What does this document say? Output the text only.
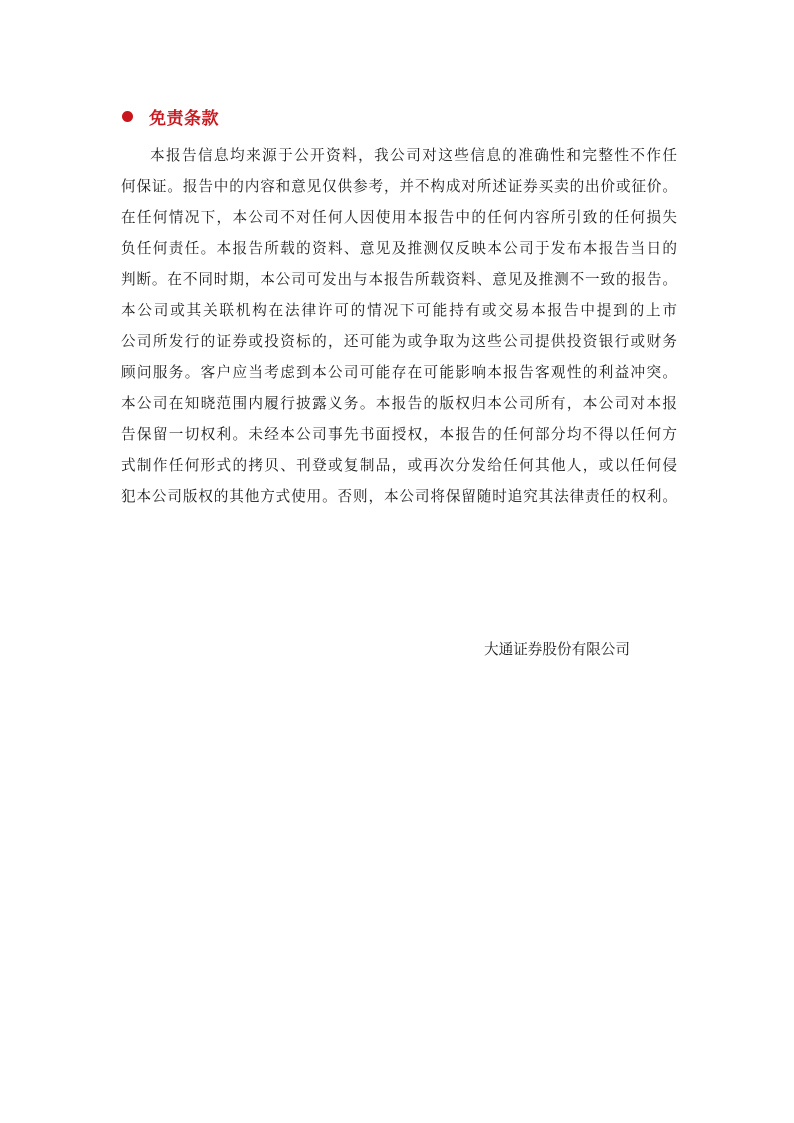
免责条款
本报告信息均来源于公开资料，我公司对这些信息的准确性和完整性不作任
何保证。报告中的内容和意见仅供参考，并不构成对所述证券买卖的出价或征价。
在任何情况下，本公司不对任何人因使用本报告中的任何内容所引致的任何损失
负任何责任。本报告所载的资料、意见及推测仅反映本公司于发布本报告当日的
判断。在不同时期，本公司可发出与本报告所载资料、意见及推测不一致的报告。
本公司或其关联机构在法律许可的情况下可能持有或交易本报告中提到的上市
公司所发行的证券或投资标的，还可能为或争取为这些公司提供投资银行或财务
顾问服务。客户应当考虑到本公司可能存在可能影响本报告客观性的利益冲突。
本公司在知晓范围内履行披露义务。本报告的版权归本公司所有，本公司对本报
告保留一切权利。未经本公司事先书面授权，本报告的任何部分均不得以任何方
式制作任何形式的拷贝、刊登或复制品，或再次分发给任何其他人，或以任何侵
犯本公司版权的其他方式使用。否则，本公司将保留随时追究其法律责任的权利。
大通证券股份有限公司
